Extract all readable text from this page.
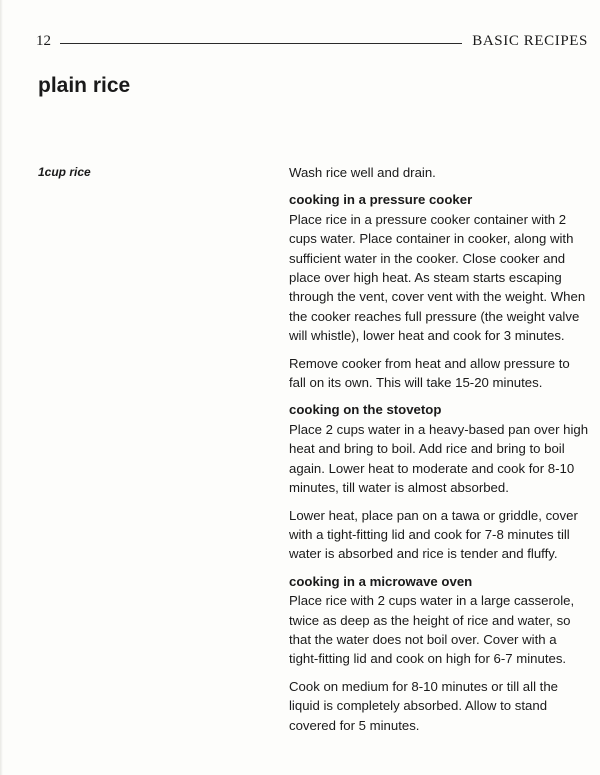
12	BASIC RECIPES
plain rice
1cup rice	Wash rice well and drain.

cooking in a pressure cooker

Place rice in a pressure cooker container with 2 cups water. Place container in cooker, along with sufficient water in the cooker. Close cooker and place over high heat. As steam starts escaping through the vent, cover vent with the weight. When the cooker reaches full pressure (the weight valve will whistle), lower heat and cook for 3 minutes.

Remove cooker from heat and allow pressure to fall on its own. This will take 15-20 minutes.

cooking on the stovetop

Place 2 cups water in a heavy-based pan over high heat and bring to boil. Add rice and bring to boil again. Lower heat to moderate and cook for 8-10 minutes, till water is almost absorbed.

Lower heat, place pan on a tawa or griddle, cover with a tight-fitting lid and cook for 7-8 minutes till water is absorbed and rice is tender and fluffy.

cooking in a microwave oven

Place rice with 2 cups water in a large casserole, twice as deep as the height of rice and water, so that the water does not boil over. Cover with a tight-fitting lid and cook on high for 6-7 minutes.

Cook on medium for 8-10 minutes or till all the liquid is completely absorbed. Allow to stand covered for 5 minutes.
